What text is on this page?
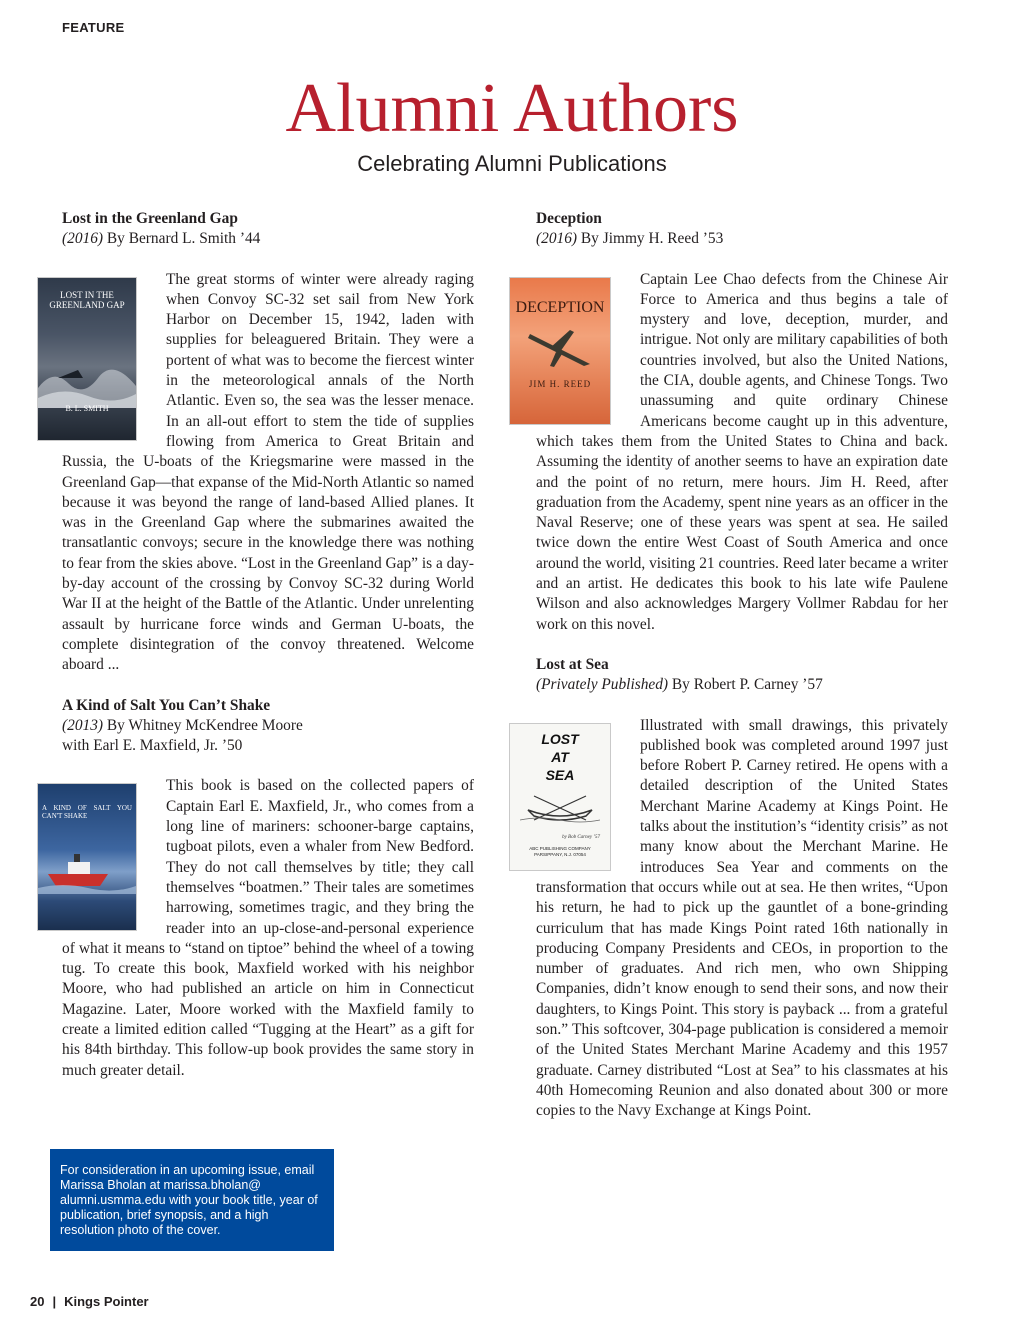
FEATURE
Alumni Authors
Celebrating Alumni Publications

Lost in the Greenland Gap

(2016) By Bernard L. Smith ’44

LOST IN THE GREENLAND GAP
B. L. SMITH
The great storms of winter were already raging when Convoy SC-32 set sail from New York Harbor on December 15, 1942, laden with supplies for beleaguered Britain. They were a portent of what was to become the fiercest winter in the meteorological annals of the North Atlantic. Even so, the sea was the lesser menace. In an all-out effort to stem the tide of supplies flowing from America to Great Britain and Russia, the U-boats of the Kriegsmarine were massed in the Greenland Gap—that expanse of the Mid-North Atlantic so named because it was beyond the range of land-based Allied planes. It was in the Greenland Gap where the submarines awaited the transatlantic convoys; secure in the knowledge there was nothing to fear from the skies above. “Lost in the Greenland Gap” is a day-by-day account of the crossing by Convoy SC-32 during World War II at the height of the Battle of the Atlantic. Under unrelenting assault by hurricane force winds and German U-boats, the complete disintegration of the convoy threatened. Welcome aboard ...

A Kind of Salt You Can’t Shake

(2013) By Whitney McKendree Moore

with Earl E. Maxfield, Jr. ’50

A KIND OF SALT YOU CAN'T SHAKE
This book is based on the collected papers of Captain Earl E. Maxfield, Jr., who comes from a long line of mariners: schooner-barge captains, tugboat pilots, even a whaler from New Bedford. They do not call themselves by title; they call themselves “boatmen.” Their tales are sometimes harrowing, sometimes tragic, and they bring the reader into an up-close-and-personal experience of what it means to “stand on tiptoe” behind the wheel of a towing tug. To create this book, Maxfield worked with his neighbor Moore, who had published an article on him in Connecticut Magazine. Later, Moore worked with the Maxfield family to create a limited edition called “Tugging at the Heart” as a gift for his 84th birthday. This follow-up book provides the same story in much greater detail.

Deception

(2016) By Jimmy H. Reed ’53

DECEPTION
JIM H. REED
Captain Lee Chao defects from the Chinese Air Force to America and thus begins a tale of mystery and love, deception, murder, and intrigue. Not only are military capabilities of both countries involved, but also the United Nations, the CIA, double agents, and Chinese Tongs. Two unassuming and quite ordinary Chinese Americans become caught up in this adventure, which takes them from the United States to China and back. Assuming the identity of another seems to have an expiration date and the point of no return, mere hours. Jim H. Reed, after graduation from the Academy, spent nine years as an officer in the Naval Reserve; one of these years was spent at sea. He sailed twice down the entire West Coast of South America and once around the world, visiting 21 countries. Reed later became a writer and an artist. He dedicates this book to his late wife Paulene Wilson and also acknowledges Margery Vollmer Rabdau for her work on this novel.

Lost at Sea

(Privately Published) By Robert P. Carney ’57

LOST
AT
SEA
by Bob Carney ’57
ABC PUBLISHING COMPANY
PARSIPPANY, N.J. 07054
Illustrated with small drawings, this privately published book was completed around 1997 just before Robert P. Carney retired. He opens with a detailed description of the United States Merchant Marine Academy at Kings Point. He talks about the institution’s “identity crisis” as not many know about the Merchant Marine. He introduces Sea Year and comments on the transformation that occurs while out at sea. He then writes, “Upon his return, he had to pick up the gauntlet of a bone-grinding curriculum that has made Kings Point rated 16th nationally in producing Company Presidents and CEOs, in proportion to the number of graduates. And rich men, who own Shipping Companies, didn’t know enough to send their sons, and now their daughters, to Kings Point. This story is payback ... from a grateful son.” This softcover, 304-page publication is considered a memoir of the United States Merchant Marine Academy and this 1957 graduate. Carney distributed “Lost at Sea” to his classmates at his 40th Homecoming Reunion and also donated about 300 or more copies to the Navy Exchange at Kings Point.

For consideration in an upcoming issue, email Marissa Bholan at marissa.bholan@ alumni.usmma.edu with your book title, year of publication, brief synopsis, and a high resolution photo of the cover.
20 | Kings Pointer
